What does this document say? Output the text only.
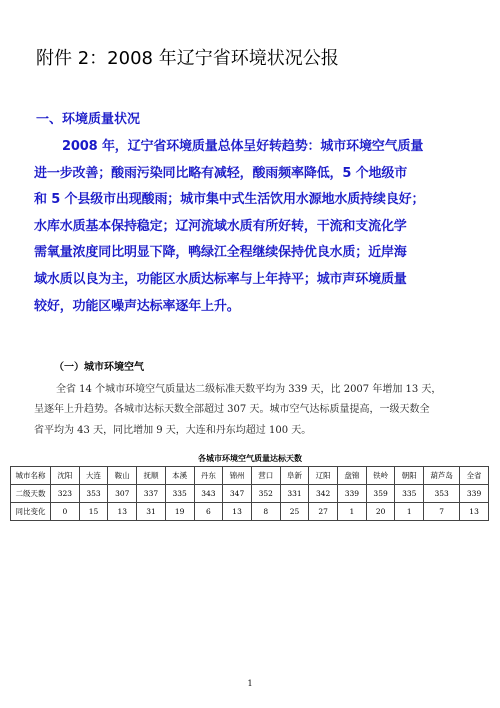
附件 2：2008 年辽宁省环境状况公报
一、环境质量状况
2008 年，辽宁省环境质量总体呈好转趋势：城市环境空气质量
进一步改善；酸雨污染同比略有减轻，酸雨频率降低，5 个地级市
和 5 个县级市出现酸雨；城市集中式生活饮用水源地水质持续良好；
水库水质基本保持稳定；辽河流域水质有所好转，干流和支流化学
需氧量浓度同比明显下降，鸭绿江全程继续保持优良水质；近岸海
域水质以良为主，功能区水质达标率与上年持平；城市声环境质量
较好，功能区噪声达标率逐年上升。
（一）城市环境空气
全省 14 个城市环境空气质量达二级标准天数平均为 339 天，比 2007 年增加 13 天，
呈逐年上升趋势。各城市达标天数全部超过 307 天。城市空气达标质量提高，一级天数全
省平均为 43 天，同比增加 9 天，大连和丹东均超过 100 天。
各城市环境空气质量达标天数
城市名称	沈阳	大连	鞍山	抚顺	本溪	丹东	锦州	营口	阜新	辽阳	盘锦	铁岭	朝阳	葫芦岛	全省
二级天数	323	353	307	337	335	343	347	352	331	342	339	359	335	353	339
同比变化	0	15	13	31	19	6	13	8	25	27	1	20	1	7	13
1
